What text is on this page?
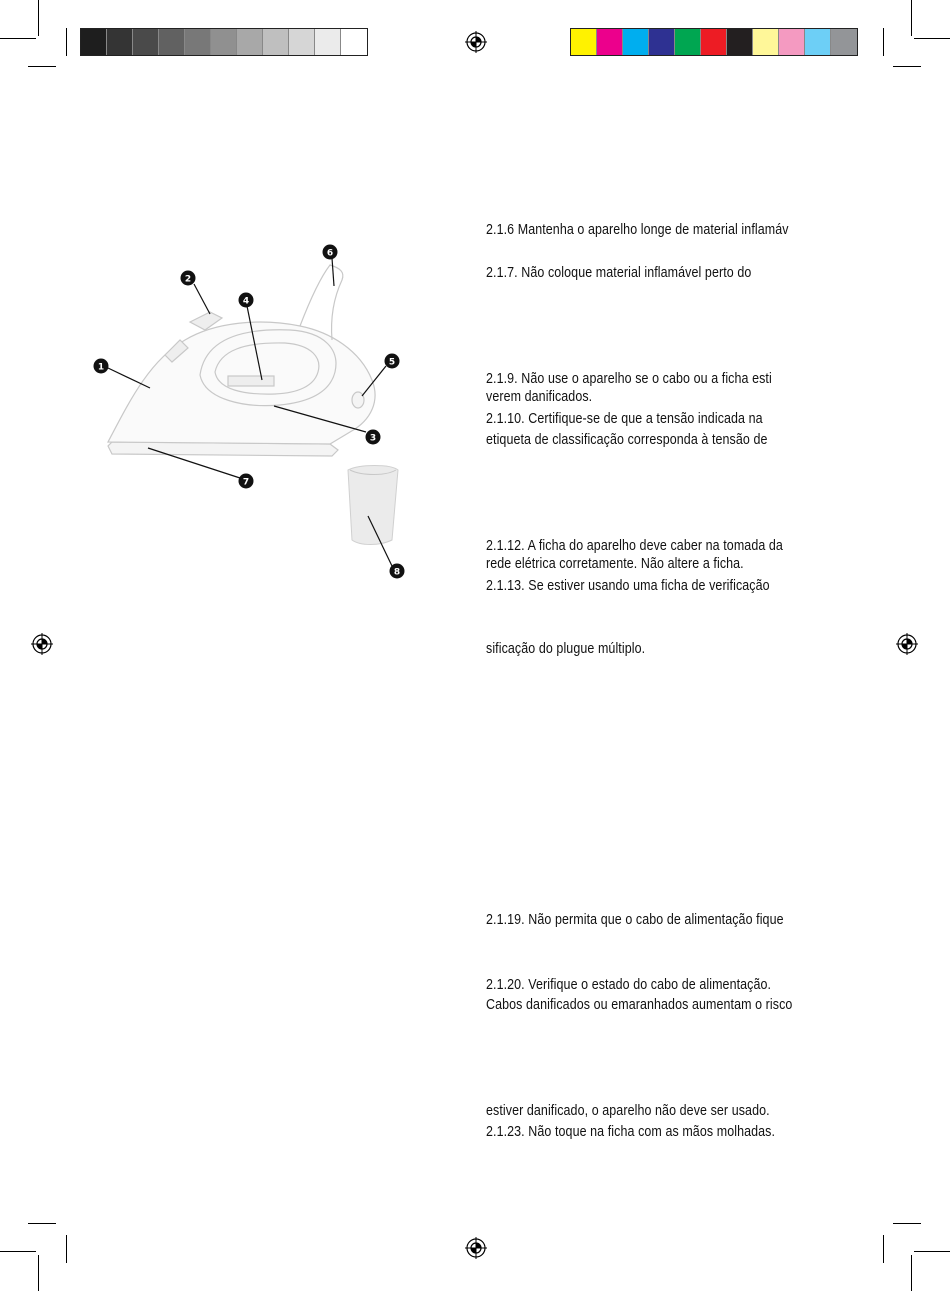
1
2
3
4
5
6
7
8
2.1.6 Mantenha o aparelho longe de material inflamáv
2.1.7. Não coloque material inflamável perto do
2.1.9. Não use o aparelho se o cabo ou a ficha esti
verem danificados.
2.1.10. Certifique-se de que a tensão indicada na
etiqueta de classificação corresponda à tensão de
2.1.12. A ficha do aparelho deve caber na tomada da
rede elétrica corretamente. Não altere a ficha.
2.1.13. Se estiver usando uma ficha de verificação
sificação do plugue múltiplo.
2.1.19. Não permita que o cabo de alimentação fique
2.1.20. Verifique o estado do cabo de alimentação.
Cabos danificados ou emaranhados aumentam o risco
estiver danificado, o aparelho não deve ser usado.
2.1.23. Não toque na ficha com as mãos molhadas.
